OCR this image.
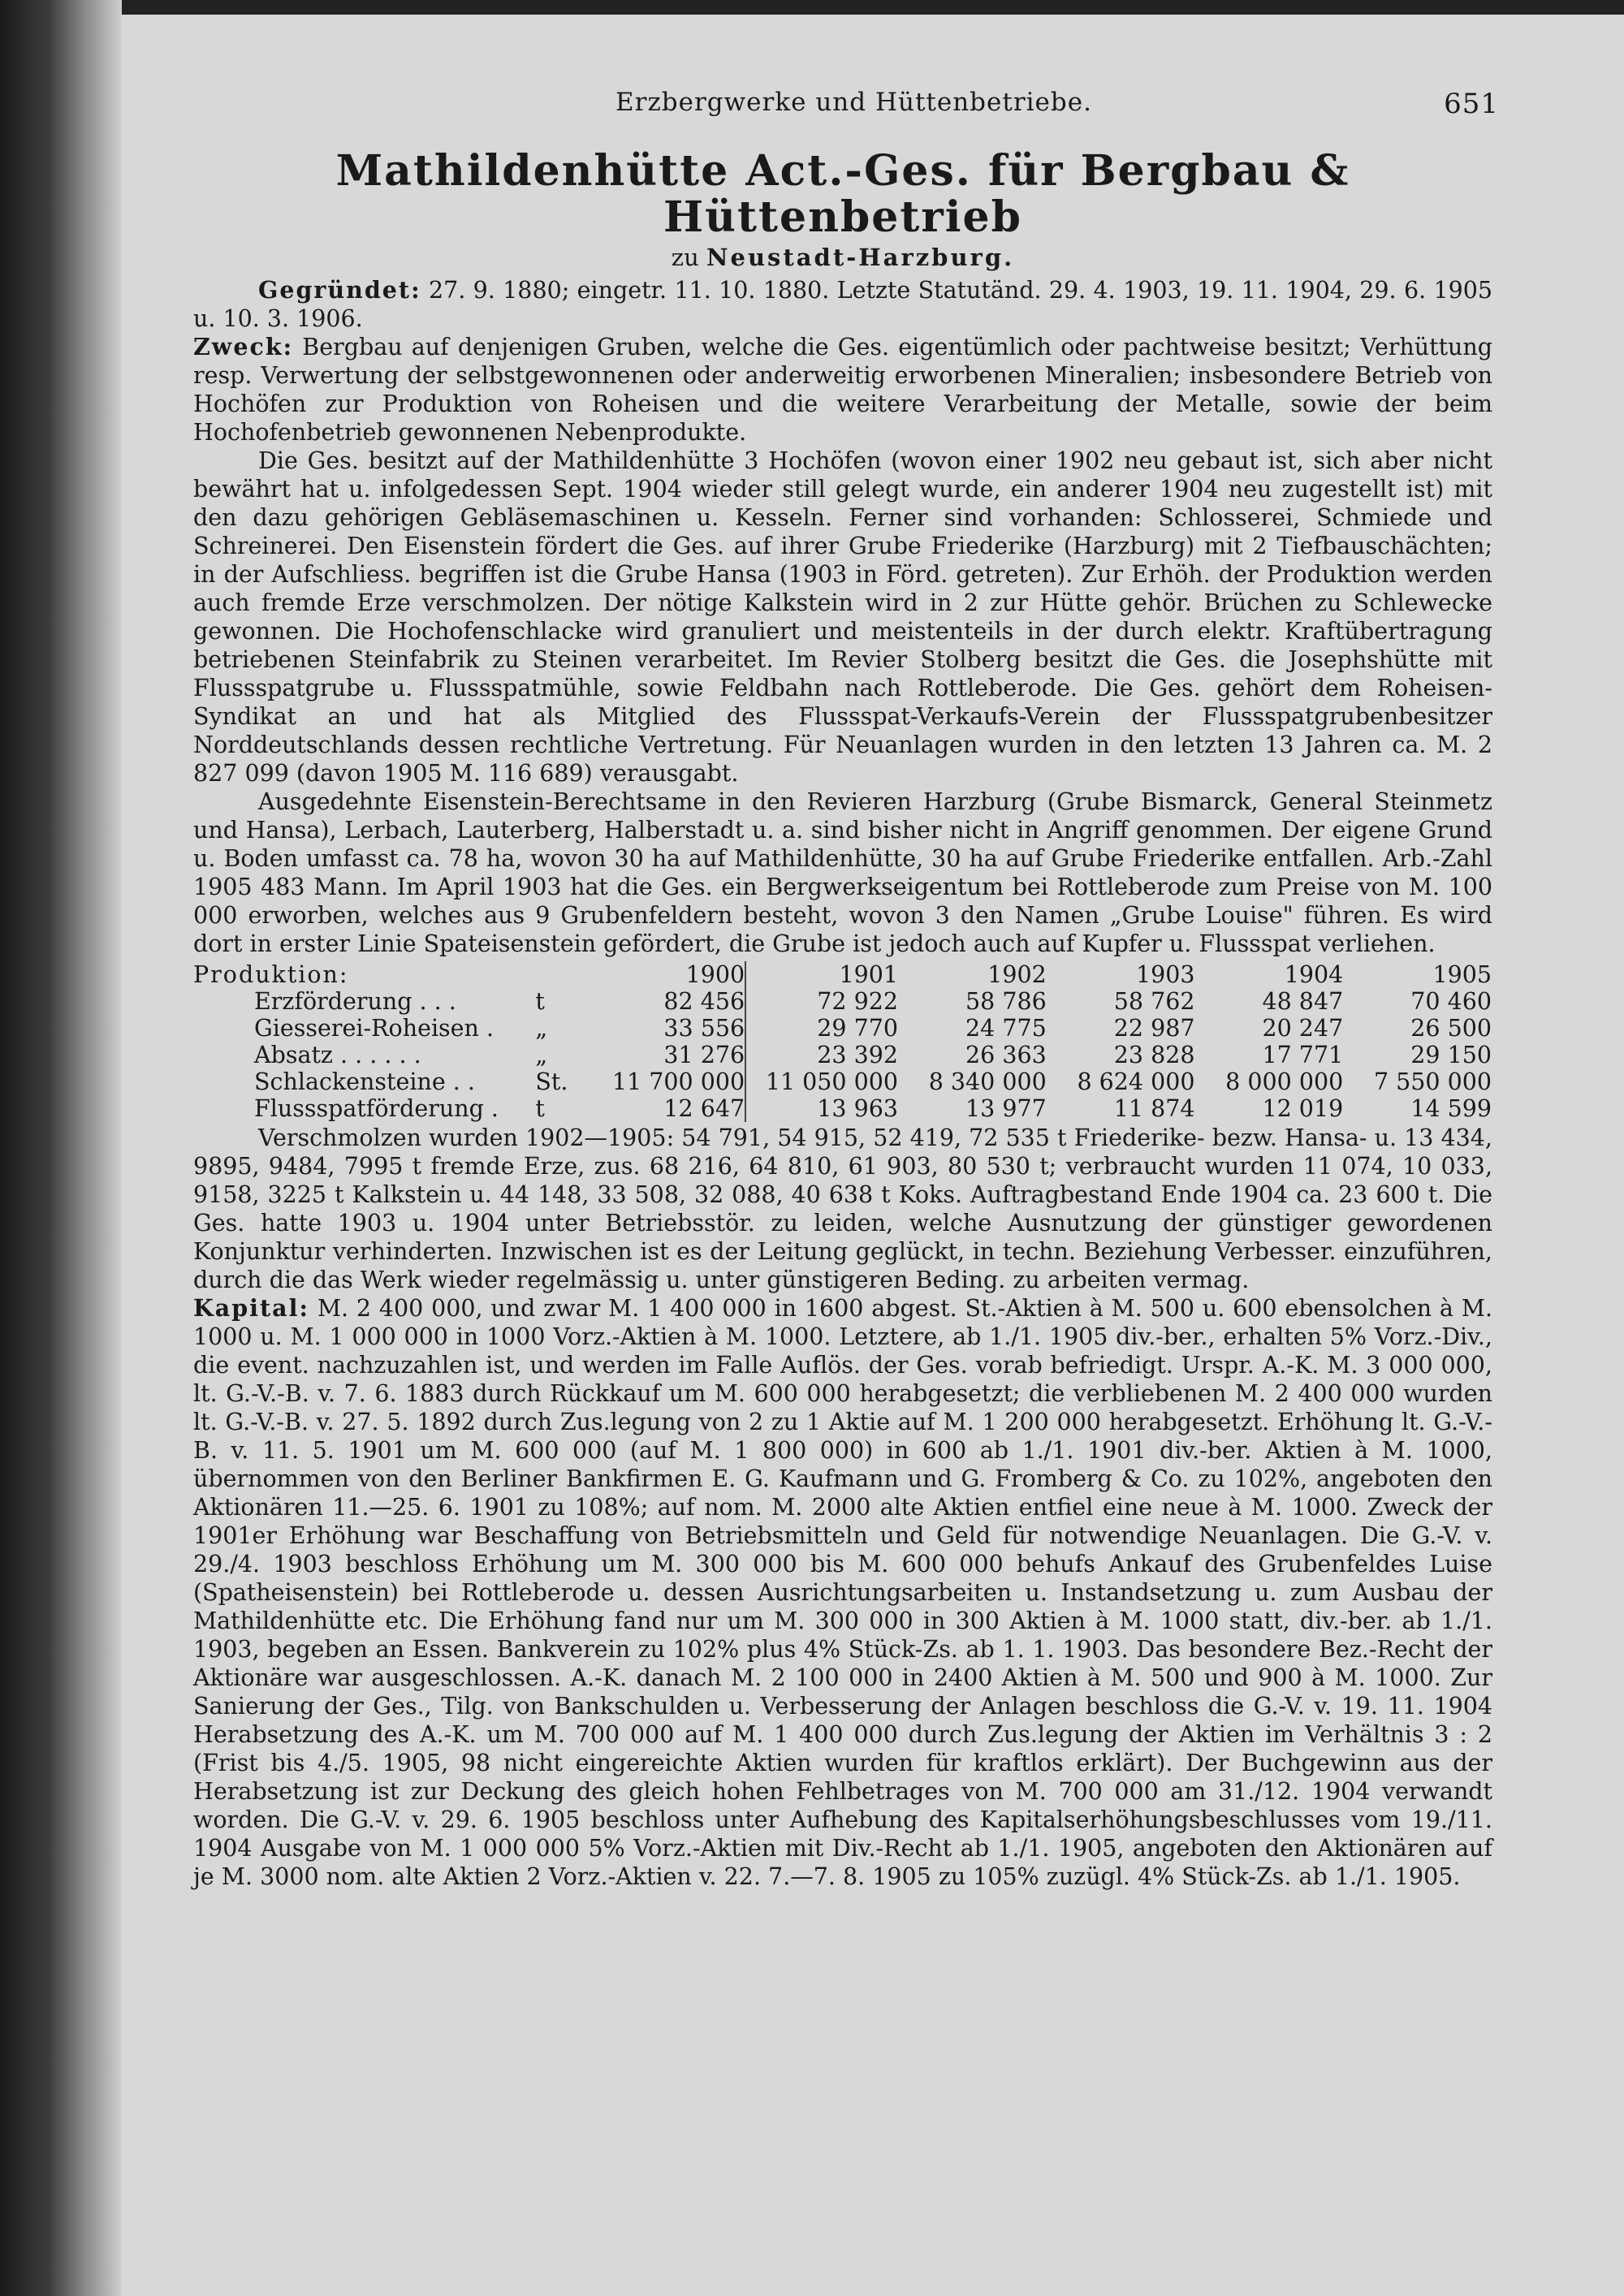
Erzbergwerke und Hüttenbetriebe.	651
Mathildenhütte Act.-Ges. für Bergbau & Hüttenbetrieb
zu Neustadt-Harzburg.

Gegründet: 27. 9. 1880; eingetr. 11. 10. 1880. Letzte Statutänd. 29. 4. 1903, 19. 11. 1904, 29. 6. 1905 u. 10. 3. 1906.

Zweck: Bergbau auf denjenigen Gruben, welche die Ges. eigentümlich oder pachtweise besitzt; Verhüttung resp. Verwertung der selbstgewonnenen oder anderweitig erworbenen Mineralien; insbesondere Betrieb von Hochöfen zur Produktion von Roheisen und die weitere Verarbeitung der Metalle, sowie der beim Hochofenbetrieb gewonnenen Nebenprodukte.

Die Ges. besitzt auf der Mathildenhütte 3 Hochöfen (wovon einer 1902 neu gebaut ist, sich aber nicht bewährt hat u. infolgedessen Sept. 1904 wieder still gelegt wurde, ein anderer 1904 neu zugestellt ist) mit den dazu gehörigen Gebläsemaschinen u. Kesseln. Ferner sind vorhanden: Schlosserei, Schmiede und Schreinerei. Den Eisenstein fördert die Ges. auf ihrer Grube Friederike (Harzburg) mit 2 Tiefbauschächten; in der Aufschliess. begriffen ist die Grube Hansa (1903 in Förd. getreten). Zur Erhöh. der Produktion werden auch fremde Erze verschmolzen. Der nötige Kalkstein wird in 2 zur Hütte gehör. Brüchen zu Schlewecke gewonnen. Die Hochofenschlacke wird granuliert und meistenteils in der durch elektr. Kraftübertragung betriebenen Steinfabrik zu Steinen verarbeitet. Im Revier Stolberg besitzt die Ges. die Josephshütte mit Flussspatgrube u. Flussspatmühle, sowie Feldbahn nach Rottleberode. Die Ges. gehört dem Roheisen-Syndikat an und hat als Mitglied des Flussspat-Verkaufs-Verein der Flussspatgrubenbesitzer Norddeutschlands dessen rechtliche Vertretung. Für Neuanlagen wurden in den letzten 13 Jahren ca. M. 2 827 099 (davon 1905 M. 116 689) verausgabt.

Ausgedehnte Eisenstein-Berechtsame in den Revieren Harzburg (Grube Bismarck, General Steinmetz und Hansa), Lerbach, Lauterberg, Halberstadt u. a. sind bisher nicht in Angriff genommen. Der eigene Grund u. Boden umfasst ca. 78 ha, wovon 30 ha auf Mathildenhütte, 30 ha auf Grube Friederike entfallen. Arb.-Zahl 1905 483 Mann. Im April 1903 hat die Ges. ein Bergwerkseigentum bei Rottleberode zum Preise von M. 100 000 erworben, welches aus 9 Grubenfeldern besteht, wovon 3 den Namen „Grube Louise" führen. Es wird dort in erster Linie Spateisenstein gefördert, die Grube ist jedoch auch auf Kupfer u. Flussspat verliehen.

Produktion:		1900	1901	1902	1903	1904	1905
Erzförderung . . .	t	82 456	72 922	58 786	58 762	48 847	70 460
Giesserei-Roheisen .	„	33 556	29 770	24 775	22 987	20 247	26 500
Absatz . . . . . .	„	31 276	23 392	26 363	23 828	17 771	29 150
Schlackensteine . .	St.	11 700 000	11 050 000	8 340 000	8 624 000	8 000 000	7 550 000
Flussspatförderung .	t	12 647	13 963	13 977	11 874	12 019	14 599

Verschmolzen wurden 1902—1905: 54 791, 54 915, 52 419, 72 535 t Friederike- bezw. Hansa- u. 13 434, 9895, 9484, 7995 t fremde Erze, zus. 68 216, 64 810, 61 903, 80 530 t; verbraucht wurden 11 074, 10 033, 9158, 3225 t Kalkstein u. 44 148, 33 508, 32 088, 40 638 t Koks. Auftragbestand Ende 1904 ca. 23 600 t. Die Ges. hatte 1903 u. 1904 unter Betriebsstör. zu leiden, welche Ausnutzung der günstiger gewordenen Konjunktur verhinderten. Inzwischen ist es der Leitung geglückt, in techn. Beziehung Verbesser. einzuführen, durch die das Werk wieder regelmässig u. unter günstigeren Beding. zu arbeiten vermag.

Kapital: M. 2 400 000, und zwar M. 1 400 000 in 1600 abgest. St.-Aktien à M. 500 u. 600 ebensolchen à M. 1000 u. M. 1 000 000 in 1000 Vorz.-Aktien à M. 1000. Letztere, ab 1./1. 1905 div.-ber., erhalten 5% Vorz.-Div., die event. nachzuzahlen ist, und werden im Falle Auflös. der Ges. vorab befriedigt. Urspr. A.-K. M. 3 000 000, lt. G.-V.-B. v. 7. 6. 1883 durch Rückkauf um M. 600 000 herabgesetzt; die verbliebenen M. 2 400 000 wurden lt. G.-V.-B. v. 27. 5. 1892 durch Zus.legung von 2 zu 1 Aktie auf M. 1 200 000 herabgesetzt. Erhöhung lt. G.-V.-B. v. 11. 5. 1901 um M. 600 000 (auf M. 1 800 000) in 600 ab 1./1. 1901 div.-ber. Aktien à M. 1000, übernommen von den Berliner Bankfirmen E. G. Kaufmann und G. Fromberg & Co. zu 102%, angeboten den Aktionären 11.—25. 6. 1901 zu 108%; auf nom. M. 2000 alte Aktien entfiel eine neue à M. 1000. Zweck der 1901er Erhöhung war Beschaffung von Betriebsmitteln und Geld für notwendige Neuanlagen. Die G.-V. v. 29./4. 1903 beschloss Erhöhung um M. 300 000 bis M. 600 000 behufs Ankauf des Grubenfeldes Luise (Spatheisenstein) bei Rottleberode u. dessen Ausrichtungsarbeiten u. Instandsetzung u. zum Ausbau der Mathildenhütte etc. Die Erhöhung fand nur um M. 300 000 in 300 Aktien à M. 1000 statt, div.-ber. ab 1./1. 1903, begeben an Essen. Bankverein zu 102% plus 4% Stück-Zs. ab 1. 1. 1903. Das besondere Bez.-Recht der Aktionäre war ausgeschlossen. A.-K. danach M. 2 100 000 in 2400 Aktien à M. 500 und 900 à M. 1000. Zur Sanierung der Ges., Tilg. von Bankschulden u. Verbesserung der Anlagen beschloss die G.-V. v. 19. 11. 1904 Herabsetzung des A.-K. um M. 700 000 auf M. 1 400 000 durch Zus.legung der Aktien im Verhältnis 3 : 2 (Frist bis 4./5. 1905, 98 nicht eingereichte Aktien wurden für kraftlos erklärt). Der Buchgewinn aus der Herabsetzung ist zur Deckung des gleich hohen Fehlbetrages von M. 700 000 am 31./12. 1904 verwandt worden. Die G.-V. v. 29. 6. 1905 beschloss unter Aufhebung des Kapitalserhöhungsbeschlusses vom 19./11. 1904 Ausgabe von M. 1 000 000 5% Vorz.-Aktien mit Div.-Recht ab 1./1. 1905, angeboten den Aktionären auf je M. 3000 nom. alte Aktien 2 Vorz.-Aktien v. 22. 7.—7. 8. 1905 zu 105% zuzügl. 4% Stück-Zs. ab 1./1. 1905.
